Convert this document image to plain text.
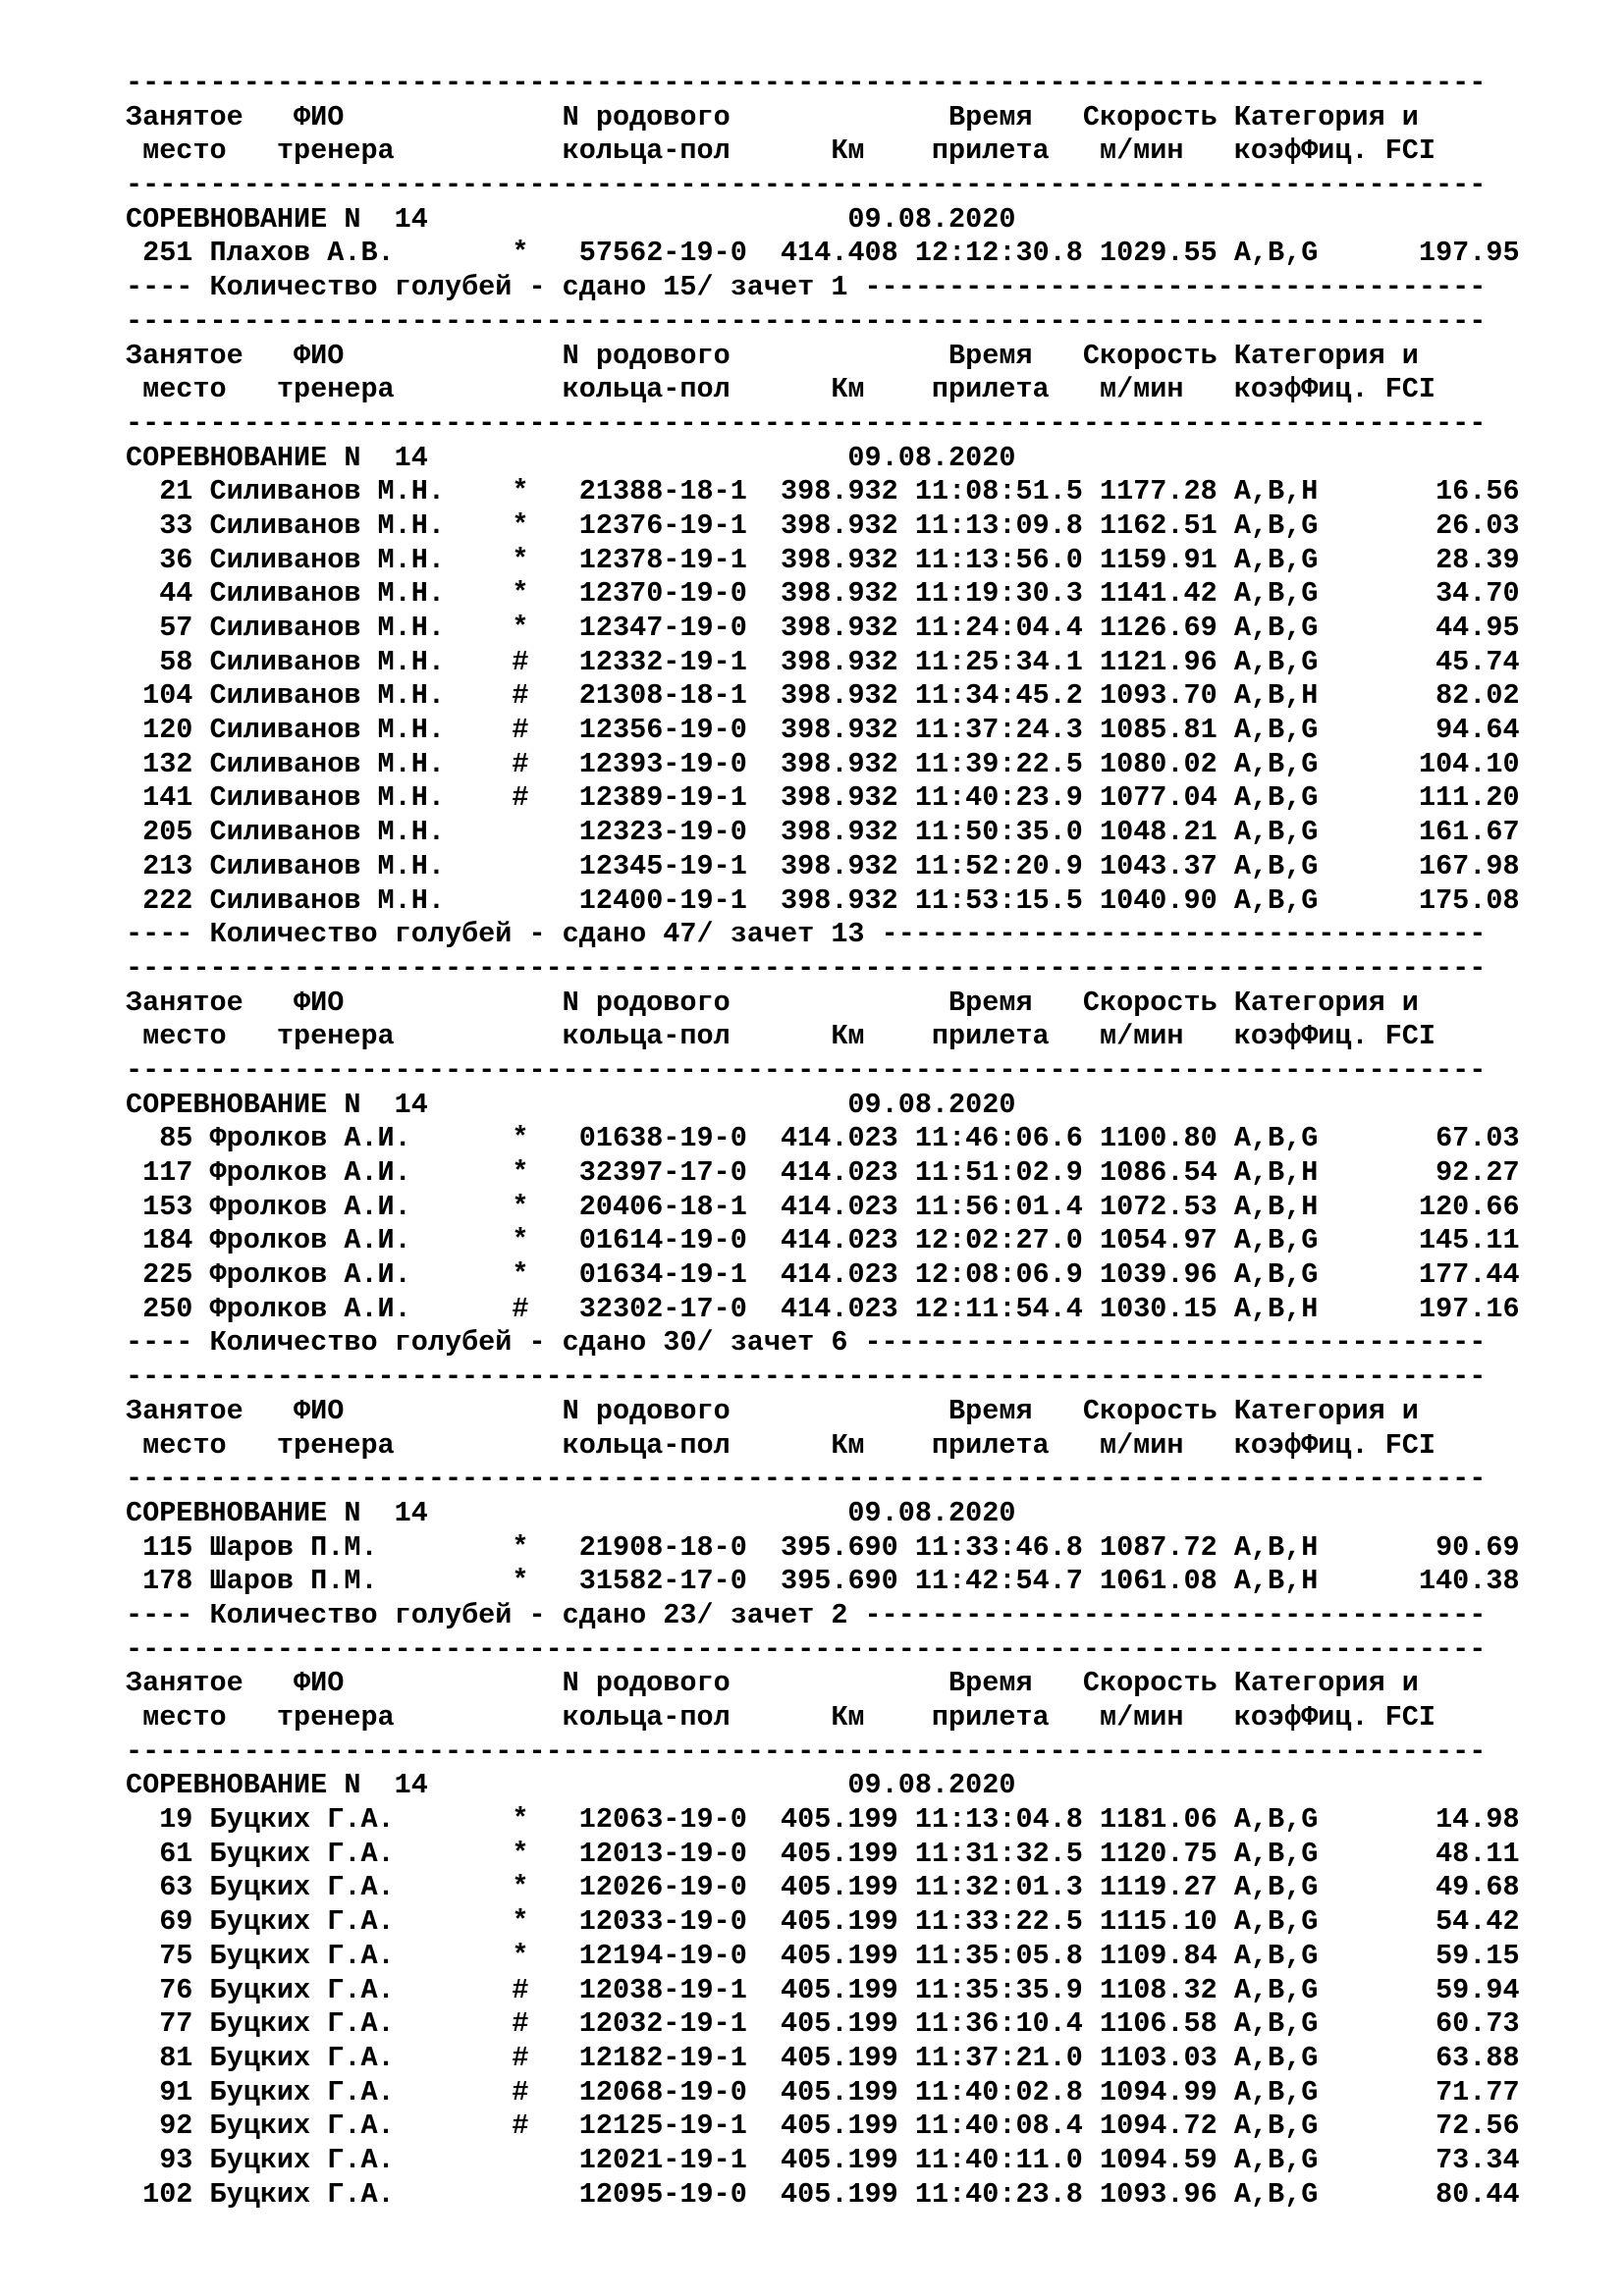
---------------------------------------------------------------------------------
Занятое   ФИО             N родового             Время   Скорость Категория и
место   тренера          кольца-пол      Км    прилета   м/мин   коэфФиц. FCI
---------------------------------------------------------------------------------
СОРЕВНОВАНИЕ N  14                         09.08.2020
251 Плахов А.В.       *   57562-19-0  414.408 12:12:30.8 1029.55 A,B,G      197.95
---- Количество голубей - сдано 15/ зачет 1 -------------------------------------
---------------------------------------------------------------------------------
Занятое   ФИО             N родового             Время   Скорость Категория и
место   тренера          кольца-пол      Км    прилета   м/мин   коэфФиц. FCI
---------------------------------------------------------------------------------
СОРЕВНОВАНИЕ N  14                         09.08.2020
21 Силиванов М.Н.    *   21388-18-1  398.932 11:08:51.5 1177.28 A,B,H       16.56
33 Силиванов М.Н.    *   12376-19-1  398.932 11:13:09.8 1162.51 A,B,G       26.03
36 Силиванов М.Н.    *   12378-19-1  398.932 11:13:56.0 1159.91 A,B,G       28.39
44 Силиванов М.Н.    *   12370-19-0  398.932 11:19:30.3 1141.42 A,B,G       34.70
57 Силиванов М.Н.    *   12347-19-0  398.932 11:24:04.4 1126.69 A,B,G       44.95
58 Силиванов М.Н.    #   12332-19-1  398.932 11:25:34.1 1121.96 A,B,G       45.74
104 Силиванов М.Н.    #   21308-18-1  398.932 11:34:45.2 1093.70 A,B,H       82.02
120 Силиванов М.Н.    #   12356-19-0  398.932 11:37:24.3 1085.81 A,B,G       94.64
132 Силиванов М.Н.    #   12393-19-0  398.932 11:39:22.5 1080.02 A,B,G      104.10
141 Силиванов М.Н.    #   12389-19-1  398.932 11:40:23.9 1077.04 A,B,G      111.20
205 Силиванов М.Н.        12323-19-0  398.932 11:50:35.0 1048.21 A,B,G      161.67
213 Силиванов М.Н.        12345-19-1  398.932 11:52:20.9 1043.37 A,B,G      167.98
222 Силиванов М.Н.        12400-19-1  398.932 11:53:15.5 1040.90 A,B,G      175.08
---- Количество голубей - сдано 47/ зачет 13 ------------------------------------
---------------------------------------------------------------------------------
Занятое   ФИО             N родового             Время   Скорость Категория и
место   тренера          кольца-пол      Км    прилета   м/мин   коэфФиц. FCI
---------------------------------------------------------------------------------
СОРЕВНОВАНИЕ N  14                         09.08.2020
85 Фролков А.И.      *   01638-19-0  414.023 11:46:06.6 1100.80 A,B,G       67.03
117 Фролков А.И.      *   32397-17-0  414.023 11:51:02.9 1086.54 A,B,H       92.27
153 Фролков А.И.      *   20406-18-1  414.023 11:56:01.4 1072.53 A,B,H      120.66
184 Фролков А.И.      *   01614-19-0  414.023 12:02:27.0 1054.97 A,B,G      145.11
225 Фролков А.И.      *   01634-19-1  414.023 12:08:06.9 1039.96 A,B,G      177.44
250 Фролков А.И.      #   32302-17-0  414.023 12:11:54.4 1030.15 A,B,H      197.16
---- Количество голубей - сдано 30/ зачет 6 -------------------------------------
---------------------------------------------------------------------------------
Занятое   ФИО             N родового             Время   Скорость Категория и
место   тренера          кольца-пол      Км    прилета   м/мин   коэфФиц. FCI
---------------------------------------------------------------------------------
СОРЕВНОВАНИЕ N  14                         09.08.2020
115 Шаров П.М.        *   21908-18-0  395.690 11:33:46.8 1087.72 A,B,H       90.69
178 Шаров П.М.        *   31582-17-0  395.690 11:42:54.7 1061.08 A,B,H      140.38
---- Количество голубей - сдано 23/ зачет 2 -------------------------------------
---------------------------------------------------------------------------------
Занятое   ФИО             N родового             Время   Скорость Категория и
место   тренера          кольца-пол      Км    прилета   м/мин   коэфФиц. FCI
---------------------------------------------------------------------------------
СОРЕВНОВАНИЕ N  14                         09.08.2020
19 Буцких Г.А.       *   12063-19-0  405.199 11:13:04.8 1181.06 A,B,G       14.98
61 Буцких Г.А.       *   12013-19-0  405.199 11:31:32.5 1120.75 A,B,G       48.11
63 Буцких Г.А.       *   12026-19-0  405.199 11:32:01.3 1119.27 A,B,G       49.68
69 Буцких Г.А.       *   12033-19-0  405.199 11:33:22.5 1115.10 A,B,G       54.42
75 Буцких Г.А.       *   12194-19-0  405.199 11:35:05.8 1109.84 A,B,G       59.15
76 Буцких Г.А.       #   12038-19-1  405.199 11:35:35.9 1108.32 A,B,G       59.94
77 Буцких Г.А.       #   12032-19-1  405.199 11:36:10.4 1106.58 A,B,G       60.73
81 Буцких Г.А.       #   12182-19-1  405.199 11:37:21.0 1103.03 A,B,G       63.88
91 Буцких Г.А.       #   12068-19-0  405.199 11:40:02.8 1094.99 A,B,G       71.77
92 Буцких Г.А.       #   12125-19-1  405.199 11:40:08.4 1094.72 A,B,G       72.56
93 Буцких Г.А.           12021-19-1  405.199 11:40:11.0 1094.59 A,B,G       73.34
102 Буцких Г.А.           12095-19-0  405.199 11:40:23.8 1093.96 A,B,G       80.44
